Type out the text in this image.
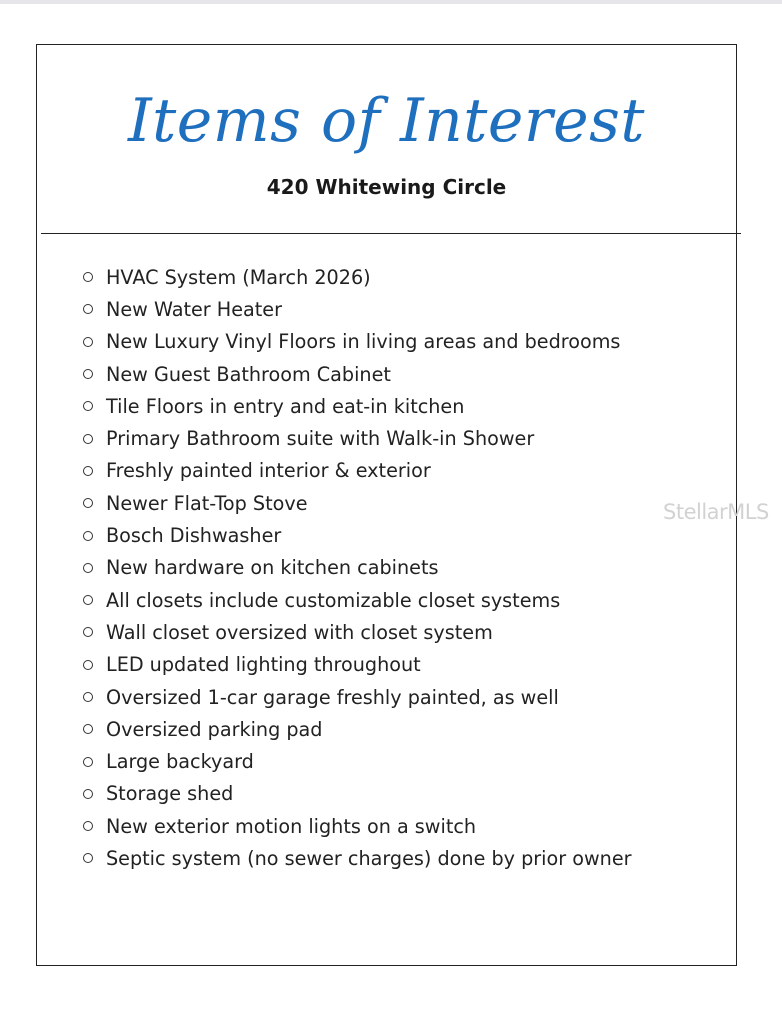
Items of Interest
420 Whitewing Circle
HVAC System (March 2026)
New Water Heater
New Luxury Vinyl Floors in living areas and bedrooms
New Guest Bathroom Cabinet
Tile Floors in entry and eat-in kitchen
Primary Bathroom suite with Walk-in Shower
Freshly painted interior & exterior
Newer Flat-Top Stove
Bosch Dishwasher
New hardware on kitchen cabinets
All closets include customizable closet systems
Wall closet oversized with closet system
LED updated lighting throughout
Oversized 1-car garage freshly painted, as well
Oversized parking pad
Large backyard
Storage shed
New exterior motion lights on a switch
Septic system (no sewer charges) done by prior owner
StellarMLS
